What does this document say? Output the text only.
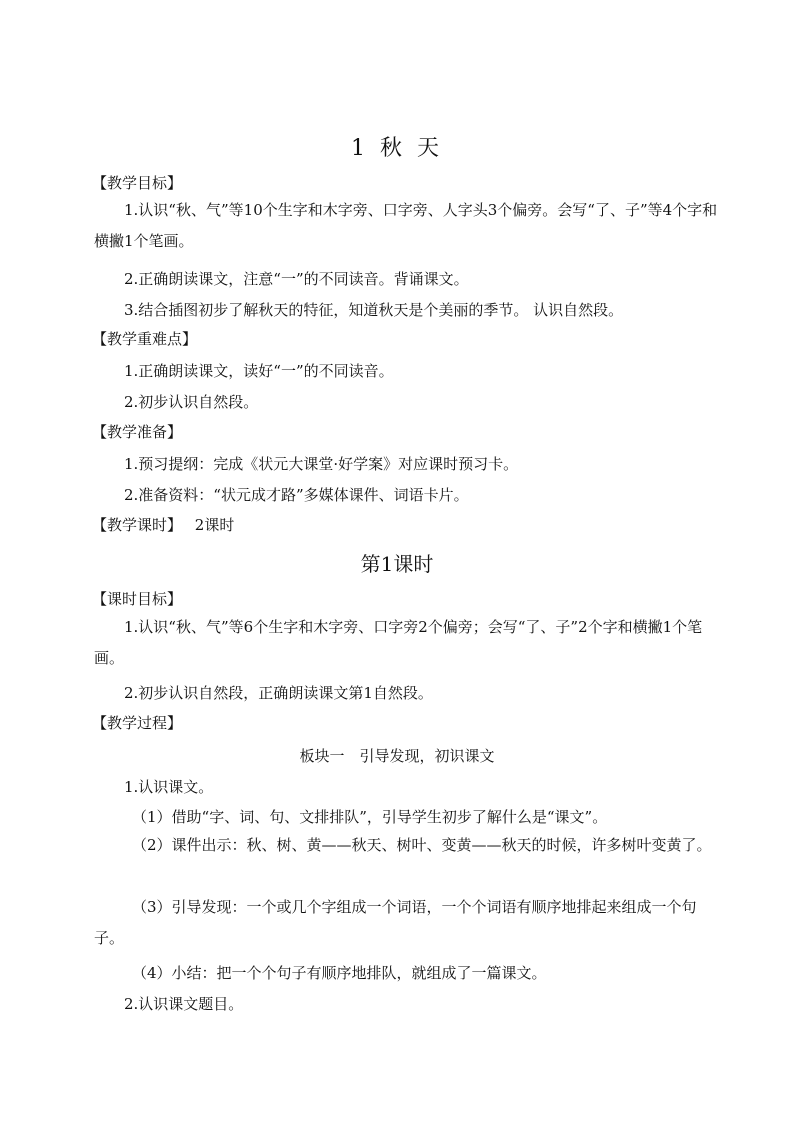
1 秋 天
【教学目标】
1.认识“秋、气”等10个生字和木字旁、口字旁、人字头3个偏旁。会写“了、子”等4个字和横撇1个笔画。
2.正确朗读课文，注意“一”的不同读音。背诵课文。
3.结合插图初步了解秋天的特征，知道秋天是个美丽的季节。 认识自然段。
【教学重难点】
1.正确朗读课文，读好“一”的不同读音。
2.初步认识自然段。
【教学准备】
1.预习提纲：完成《状元大课堂·好学案》对应课时预习卡。
2.准备资料：“状元成才路”多媒体课件、词语卡片。
【教学课时】 2课时
第1课时
【课时目标】
1.认识“秋、气”等6个生字和木字旁、口字旁2个偏旁；会写“了、子”2个字和横撇1个笔画。
2.初步认识自然段，正确朗读课文第1自然段。
【教学过程】
板块一　引导发现，初识课文
1.认识课文。
（1）借助“字、词、句、文排排队”，引导学生初步了解什么是“课文”。
（2）课件出示：秋、树、黄——秋天、树叶、变黄——秋天的时候，许多树叶变黄了。
（3）引导发现：一个或几个字组成一个词语，一个个词语有顺序地排起来组成一个句子。
（4）小结：把一个个句子有顺序地排队，就组成了一篇课文。
2.认识课文题目。
